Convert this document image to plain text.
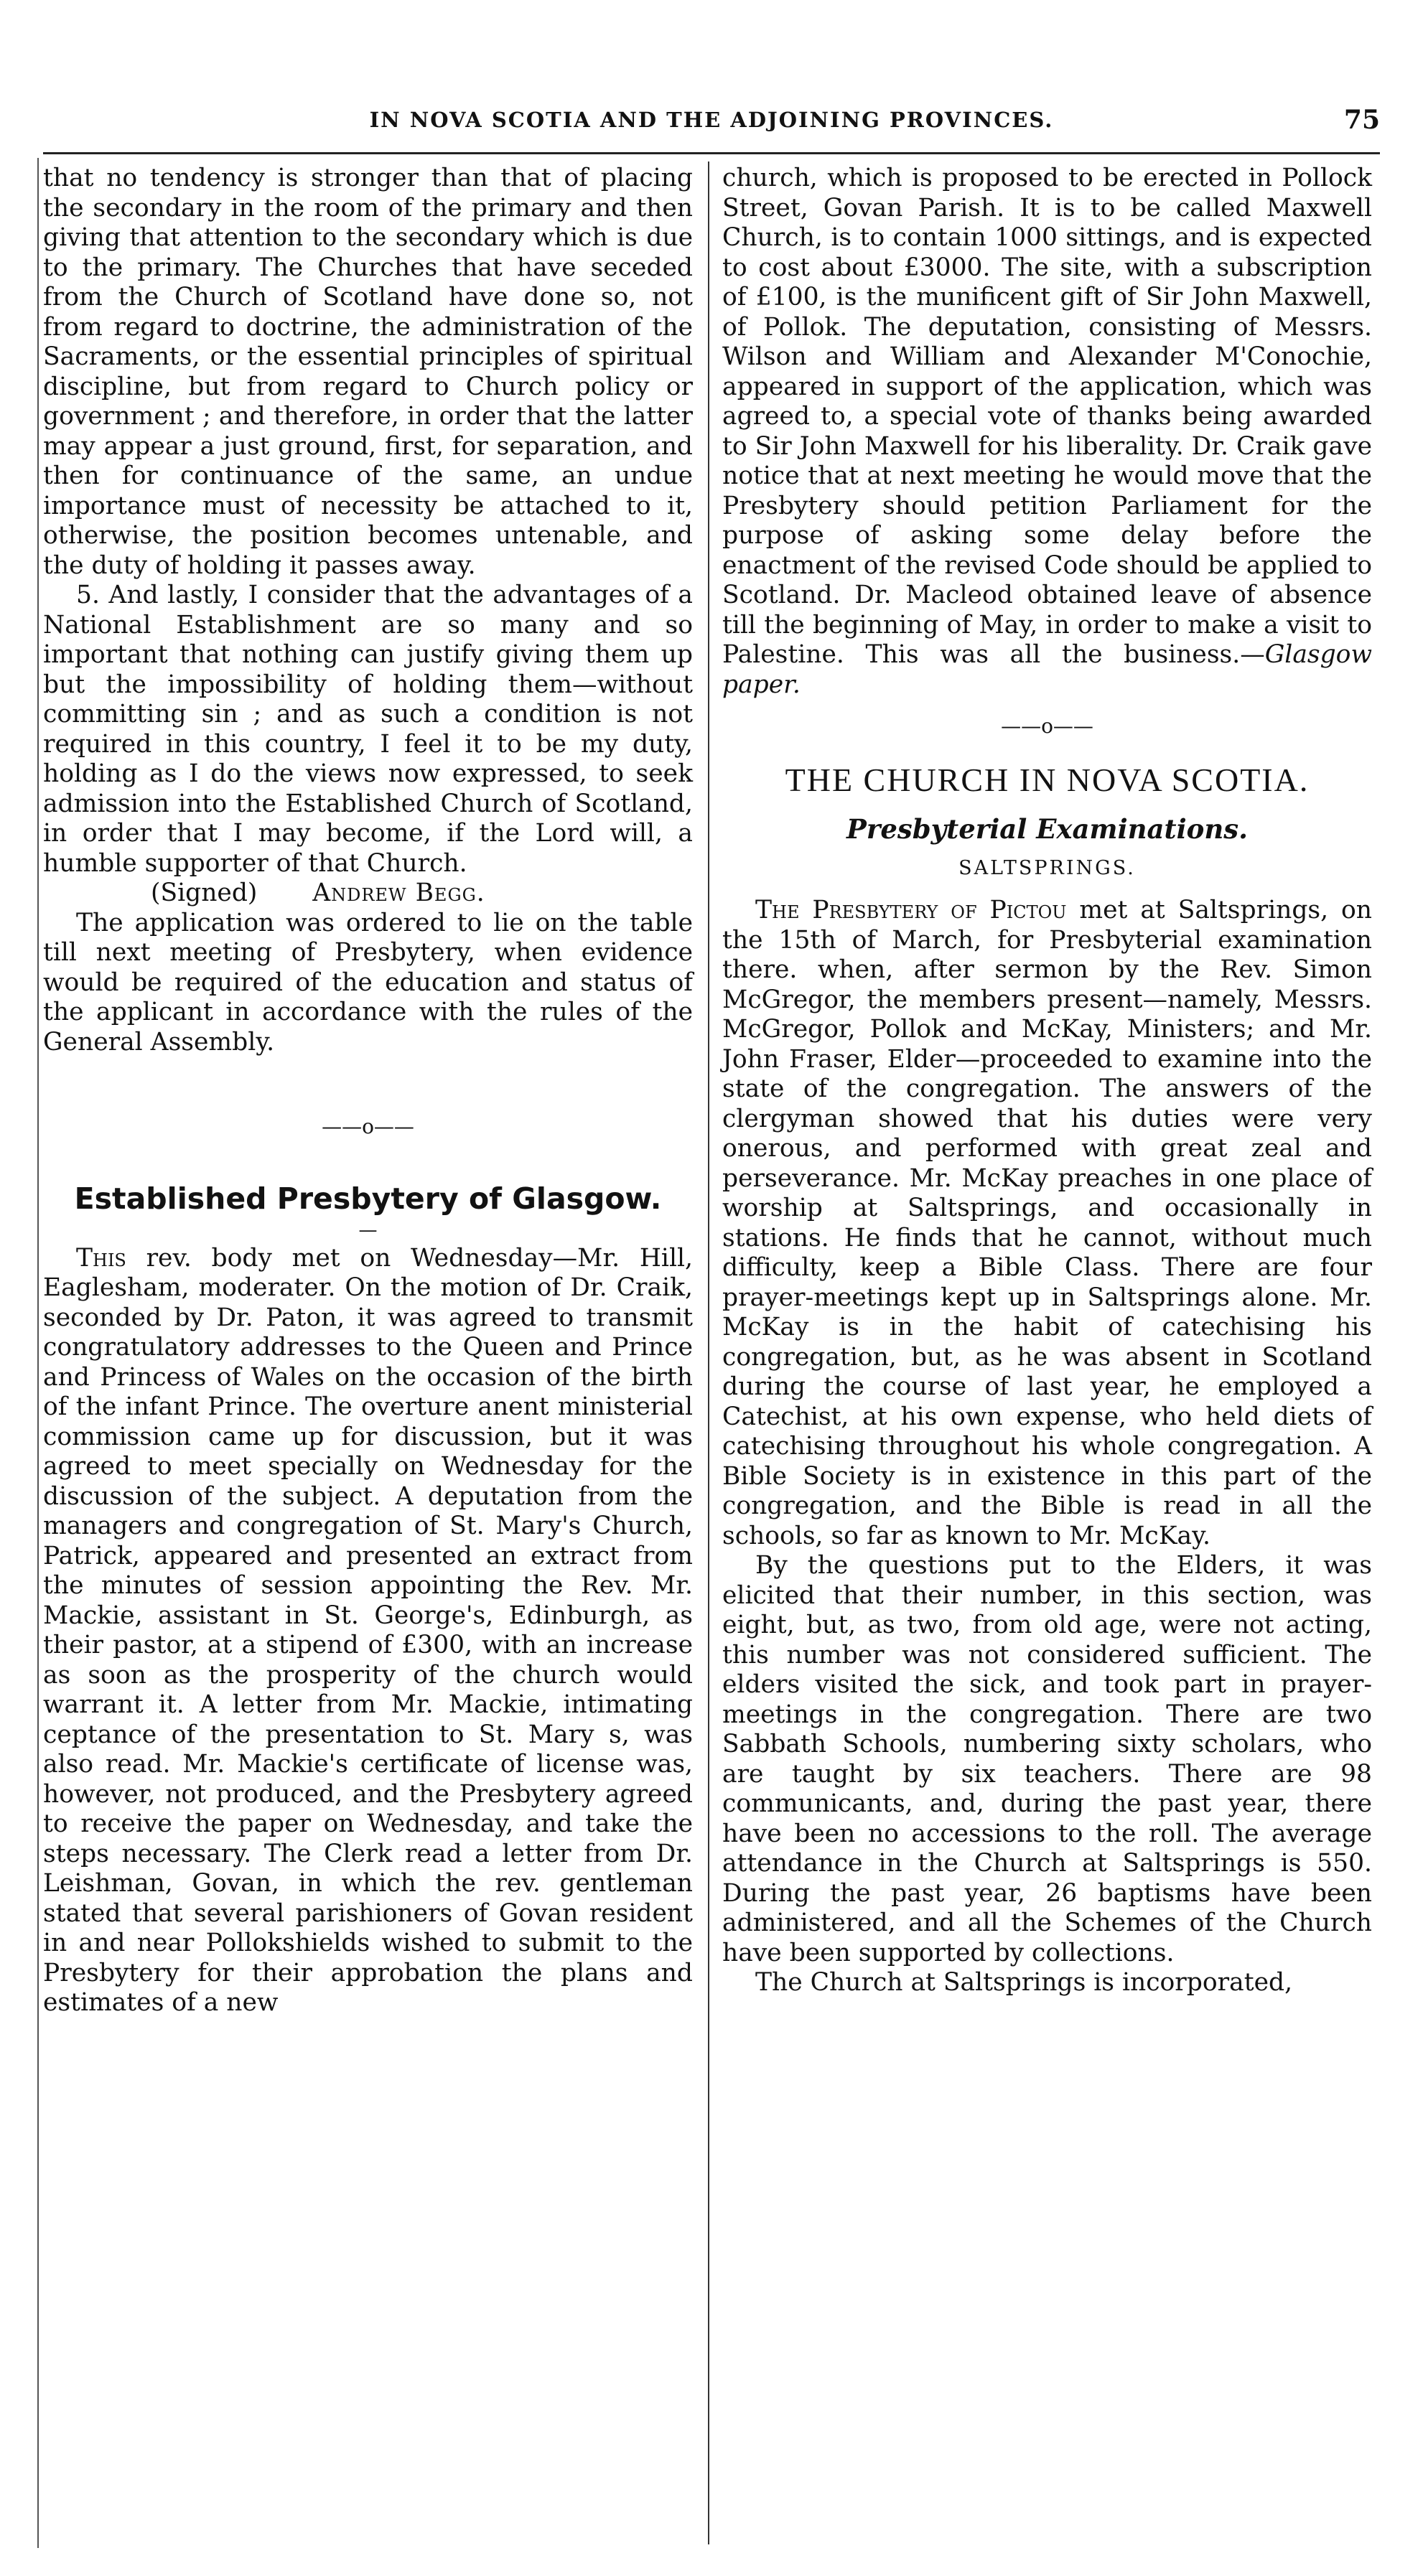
IN NOVA SCOTIA AND THE ADJOINING PROVINCES.	75

that no tendency is stronger than that of placing the secondary in the room of the primary and then giving that attention to the secondary which is due to the primary. The Churches that have seceded from the Church of Scotland have done so, not from regard to doctrine, the administration of the Sacraments, or the essential principles of spiritual discipline, but from regard to Church policy or government ; and therefore, in order that the latter may appear a just ground, first, for separation, and then for continuance of the same, an undue importance must of necessity be attached to it, otherwise, the position becomes untenable, and the duty of holding it passes away.

5. And lastly, I consider that the advantages of a National Establishment are so many and so important that nothing can justify giving them up but the impossibility of holding them—without committing sin ; and as such a condition is not required in this country, I feel it to be my duty, holding as I do the views now expressed, to seek admission into the Established Church of Scotland, in order that I may become, if the Lord will, a humble supporter of that Church.

(Signed) Andrew Begg.

The application was ordered to lie on the table till next meeting of Presbytery, when evidence would be required of the education and status of the applicant in accordance with the rules of the General Assembly.

——o——
Established Presbytery of Glasgow.
—

This rev. body met on Wednesday—Mr. Hill, Eaglesham, moderater. On the motion of Dr. Craik, seconded by Dr. Paton, it was agreed to transmit congratulatory addresses to the Queen and Prince and Princess of Wales on the occasion of the birth of the infant Prince. The overture anent ministerial commission came up for discussion, but it was agreed to meet specially on Wednesday for the discussion of the subject. A deputation from the managers and congregation of St. Mary's Church, Patrick, appeared and presented an extract from the minutes of session appointing the Rev. Mr. Mackie, assistant in St. George's, Edinburgh, as their pastor, at a stipend of £300, with an increase as soon as the prosperity of the church would warrant it. A letter from Mr. Mackie, intimating ceptance of the presentation to St. Mary s, was also read. Mr. Mackie's certificate of license was, however, not produced, and the Presbytery agreed to receive the paper on Wednesday, and take the steps necessary. The Clerk read a letter from Dr. Leishman, Govan, in which the rev. gentleman stated that several parishioners of Govan resident in and near Pollokshields wished to submit to the Presbytery for their approbation the plans and estimates of a new

church, which is proposed to be erected in Pollock Street, Govan Parish. It is to be called Maxwell Church, is to contain 1000 sittings, and is expected to cost about £3000. The site, with a subscription of £100, is the munificent gift of Sir John Maxwell, of Pollok. The deputation, consisting of Messrs. Wilson and William and Alexander M'Conochie, appeared in support of the application, which was agreed to, a special vote of thanks being awarded to Sir John Maxwell for his liberality. Dr. Craik gave notice that at next meeting he would move that the Presbytery should petition Parliament for the purpose of asking some delay before the enactment of the revised Code should be applied to Scotland. Dr. Macleod obtained leave of absence till the beginning of May, in order to make a visit to Palestine. This was all the business.—Glasgow paper.

——o——
THE CHURCH IN NOVA SCOTIA.
Presbyterial Examinations.
SALTSPRINGS.

The Presbytery of Pictou met at Saltsprings, on the 15th of March, for Presbyterial examination there. when, after sermon by the Rev. Simon McGregor, the members present—namely, Messrs. McGregor, Pollok and McKay, Ministers; and Mr. John Fraser, Elder—proceeded to examine into the state of the congregation. The answers of the clergyman showed that his duties were very onerous, and performed with great zeal and perseverance. Mr. McKay preaches in one place of worship at Saltsprings, and occasionally in stations. He finds that he cannot, without much difficulty, keep a Bible Class. There are four prayer-meetings kept up in Saltsprings alone. Mr. McKay is in the habit of catechising his congregation, but, as he was absent in Scotland during the course of last year, he employed a Catechist, at his own expense, who held diets of catechising throughout his whole congregation. A Bible Society is in existence in this part of the congregation, and the Bible is read in all the schools, so far as known to Mr. McKay.

By the questions put to the Elders, it was elicited that their number, in this section, was eight, but, as two, from old age, were not acting, this number was not considered sufficient. The elders visited the sick, and took part in prayer-meetings in the congregation. There are two Sabbath Schools, numbering sixty scholars, who are taught by six teachers. There are 98 communicants, and, during the past year, there have been no accessions to the roll. The average attendance in the Church at Saltsprings is 550. During the past year, 26 baptisms have been administered, and all the Schemes of the Church have been supported by collections.

The Church at Saltsprings is incorporated,
